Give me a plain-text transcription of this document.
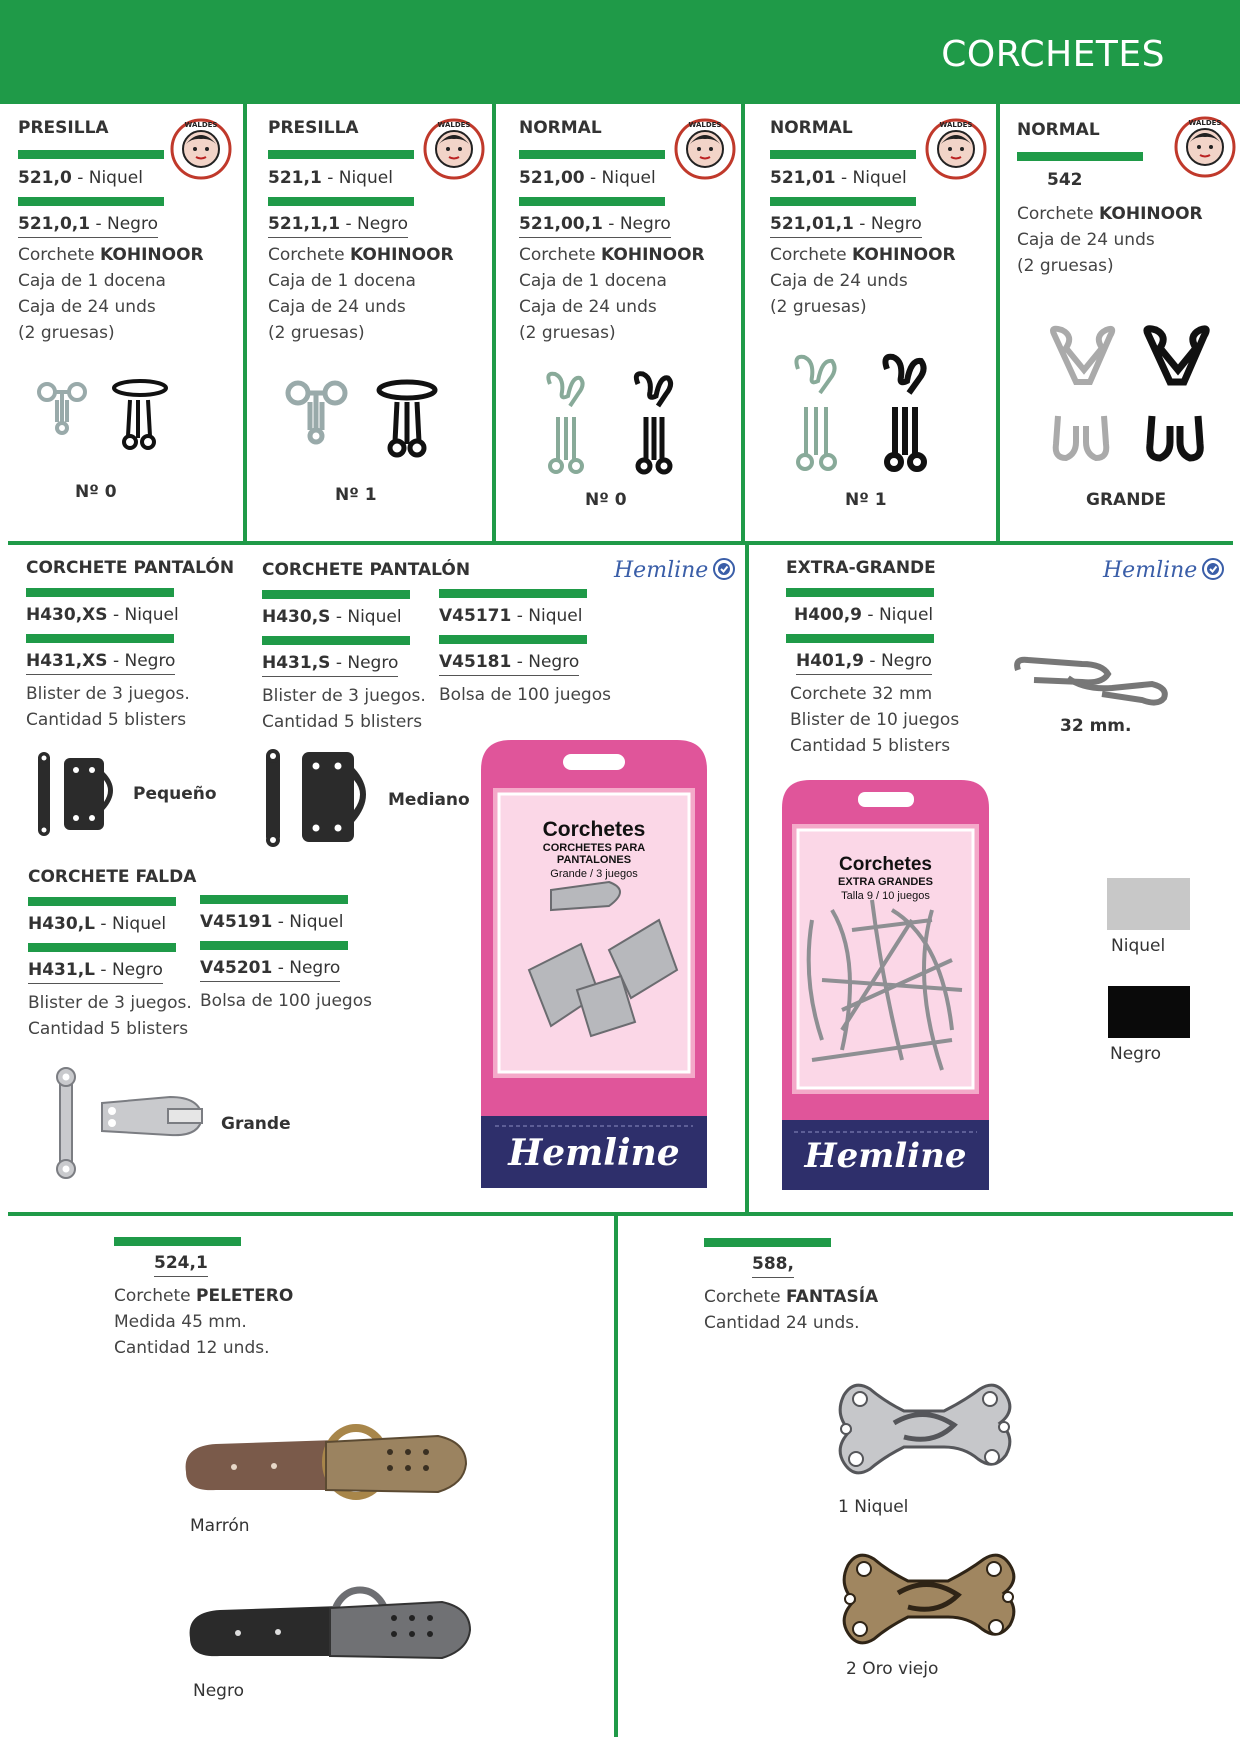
CORCHETES
PRESILLA
521,0 - Niquel
521,0,1 - Negro
Corchete KOHINOOR
Caja de 1 docena
Caja de 24 unds
(2 gruesas)
WALDES
Nº 0
PRESILLA
521,1 - Niquel
521,1,1 - Negro
Corchete KOHINOOR
Caja de 1 docena
Caja de 24 unds
(2 gruesas)
WALDES
Nº 1
NORMAL
521,00 - Niquel
521,00,1 - Negro
Corchete KOHINOOR
Caja de 1 docena
Caja de 24 unds
(2 gruesas)
WALDES
Nº 0
NORMAL
521,01 - Niquel
521,01,1 - Negro
Corchete KOHINOOR
Caja de 24 unds
(2 gruesas)
WALDES
Nº 1
NORMAL
542
Corchete KOHINOOR
Caja de 24 unds
(2 gruesas)
WALDES
GRANDE
CORCHETE PANTALÓN
H430,XS - Niquel
H431,XS - Negro
Blister de 3 juegos.
Cantidad 5 blisters
Pequeño
CORCHETE PANTALÓN
H430,S - Niquel
H431,S - Negro
Blister de 3 juegos.
Cantidad 5 blisters
V45171 - Niquel
V45181 - Negro
Bolsa de 100 juegos
Mediano
Hemline
CORCHETE FALDA
H430,L - Niquel
H431,L - Negro
Blister de 3 juegos.
Cantidad 5 blisters
V45191 - Niquel
V45201 - Negro
Bolsa de 100 juegos
Grande
Corchetes
CORCHETES PARA
PANTALONES
Grande / 3 juegos
Hemline
EXTRA-GRANDE
H400,9 - Niquel
H401,9 - Negro
Corchete 32 mm
Blister de 10 juegos
Cantidad 5 blisters
Hemline
32 mm.
Corchetes
EXTRA GRANDES
Talla 9 / 10 juegos
Hemline
Niquel
Negro
524,1
Corchete PELETERO
Medida 45 mm.
Cantidad 12 unds.
Marrón
Negro
588,
Corchete FANTASÍA
Cantidad 24 unds.
1 Niquel
2 Oro viejo
